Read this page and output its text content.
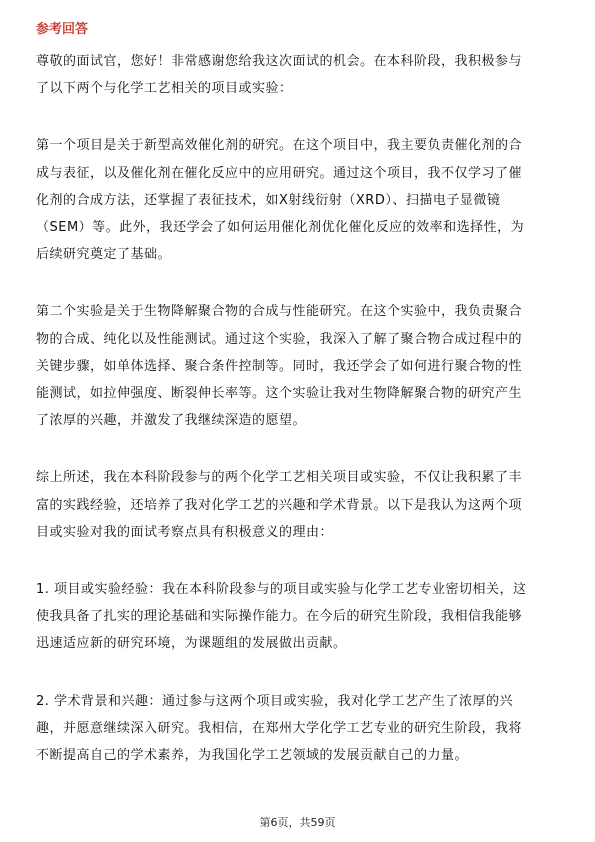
参考回答

尊敬的面试官，您好！非常感谢您给我这次面试的机会。在本科阶段，我积极参与
了以下两个与化学工艺相关的项目或实验：

第一个项目是关于新型高效催化剂的研究。在这个项目中，我主要负责催化剂的合
成与表征，以及催化剂在催化反应中的应用研究。通过这个项目，我不仅学习了催
化剂的合成方法，还掌握了表征技术，如X射线衍射（XRD）、扫描电子显微镜
（SEM）等。此外，我还学会了如何运用催化剂优化催化反应的效率和选择性，为
后续研究奠定了基础。

第二个实验是关于生物降解聚合物的合成与性能研究。在这个实验中，我负责聚合
物的合成、纯化以及性能测试。通过这个实验，我深入了解了聚合物合成过程中的
关键步骤，如单体选择、聚合条件控制等。同时，我还学会了如何进行聚合物的性
能测试，如拉伸强度、断裂伸长率等。这个实验让我对生物降解聚合物的研究产生
了浓厚的兴趣，并激发了我继续深造的愿望。

综上所述，我在本科阶段参与的两个化学工艺相关项目或实验，不仅让我积累了丰
富的实践经验，还培养了我对化学工艺的兴趣和学术背景。以下是我认为这两个项
目或实验对我的面试考察点具有积极意义的理由：

1. 项目或实验经验：我在本科阶段参与的项目或实验与化学工艺专业密切相关，这
使我具备了扎实的理论基础和实际操作能力。在今后的研究生阶段，我相信我能够
迅速适应新的研究环境，为课题组的发展做出贡献。

2. 学术背景和兴趣：通过参与这两个项目或实验，我对化学工艺产生了浓厚的兴
趣，并愿意继续深入研究。我相信，在郑州大学化学工艺专业的研究生阶段，我将
不断提高自己的学术素养，为我国化学工艺领域的发展贡献自己的力量。

第6页，共59页
